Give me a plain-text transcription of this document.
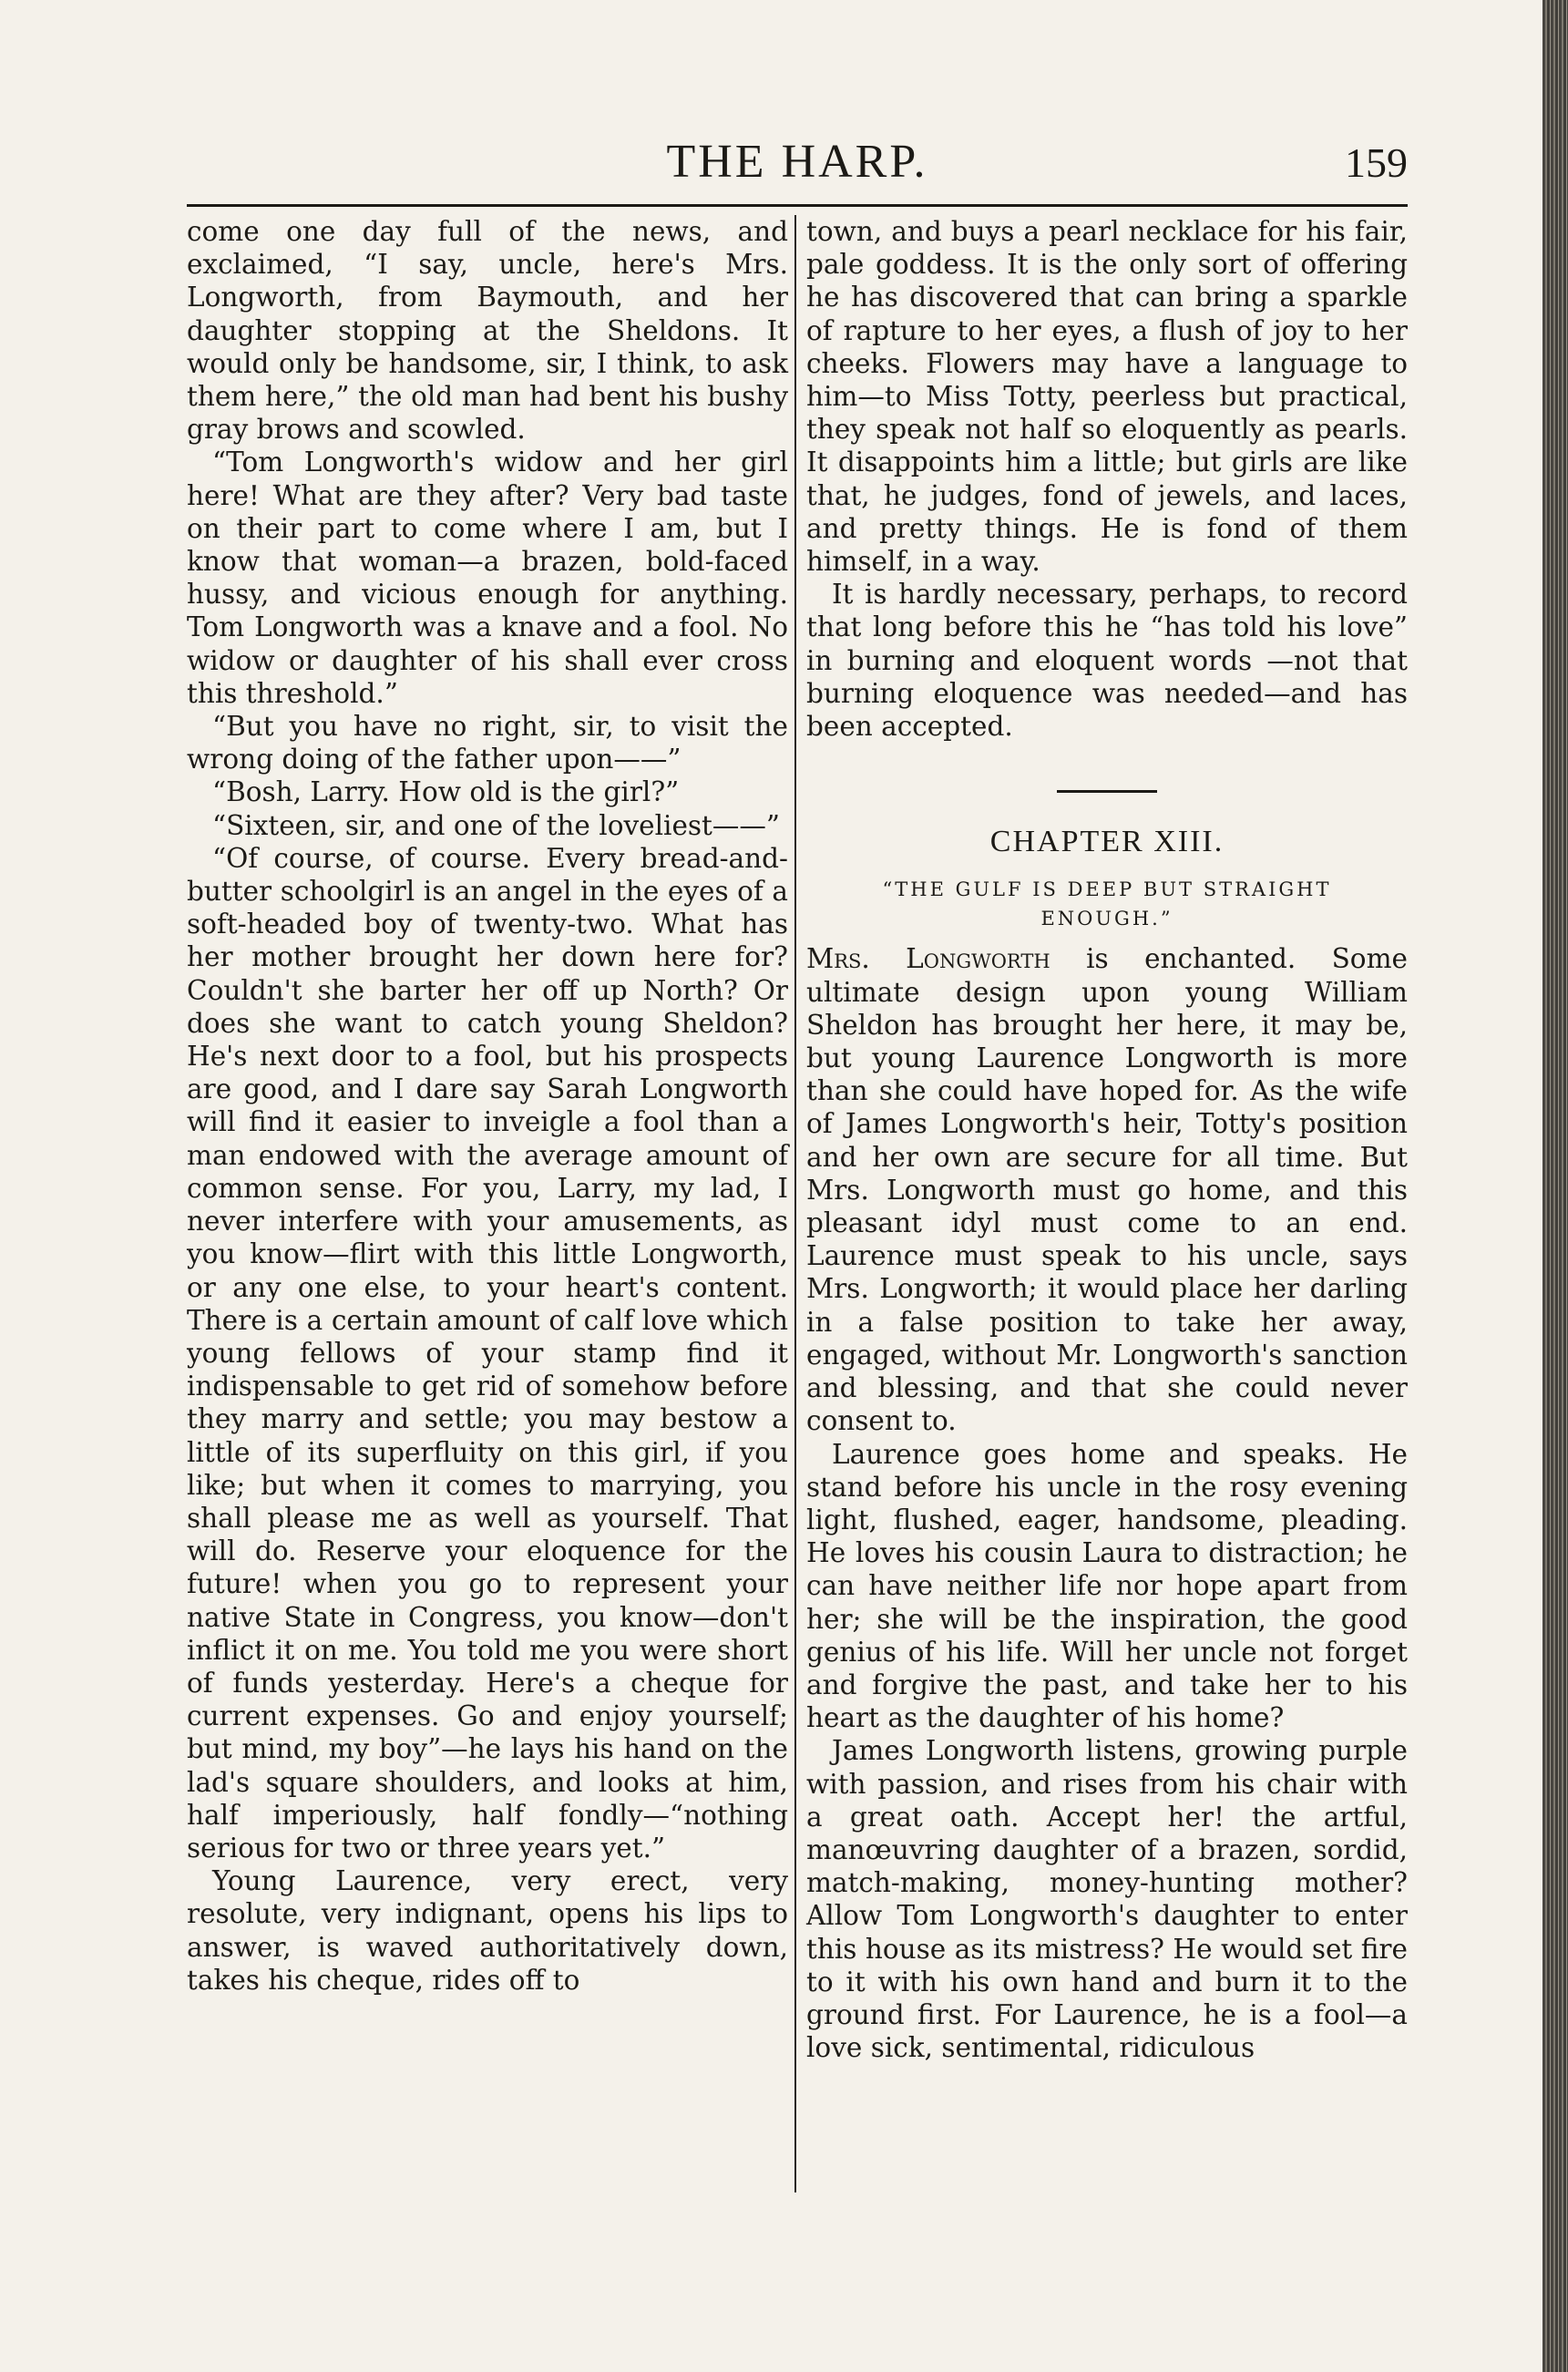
THE HARP.	159

come one day full of the news, and exclaimed, “I say, uncle, here's Mrs. Longworth, from Baymouth, and her daughter stopping at the Sheldons. It would only be handsome, sir, I think, to ask them here,” the old man had bent his bushy gray brows and scowled.

“Tom Longworth's widow and her girl here! What are they after? Very bad taste on their part to come where I am, but I know that woman—a brazen, bold-faced hussy, and vicious enough for anything. Tom Longworth was a knave and a fool. No widow or daughter of his shall ever cross this threshold.”

“But you have no right, sir, to visit the wrong doing of the father upon——”

“Bosh, Larry. How old is the girl?”

“Sixteen, sir, and one of the loveliest——”

“Of course, of course. Every bread-and-butter schoolgirl is an angel in the eyes of a soft-headed boy of twenty-two. What has her mother brought her down here for? Couldn't she barter her off up North? Or does she want to catch young Sheldon? He's next door to a fool, but his prospects are good, and I dare say Sarah Longworth will find it easier to inveigle a fool than a man endowed with the average amount of common sense. For you, Larry, my lad, I never interfere with your amusements, as you know—flirt with this little Longworth, or any one else, to your heart's content. There is a certain amount of calf love which young fellows of your stamp find it indispensable to get rid of somehow before they marry and settle; you may bestow a little of its superfluity on this girl, if you like; but when it comes to marrying, you shall please me as well as yourself. That will do. Reserve your eloquence for the future! when you go to represent your native State in Congress, you know—don't inflict it on me. You told me you were short of funds yesterday. Here's a cheque for current expenses. Go and enjoy yourself; but mind, my boy”—he lays his hand on the lad's square shoulders, and looks at him, half imperiously, half fondly—“nothing serious for two or three years yet.”

Young Laurence, very erect, very resolute, very indignant, opens his lips to answer, is waved authoritatively down, takes his cheque, rides off to

town, and buys a pearl necklace for his fair, pale goddess. It is the only sort of offering he has discovered that can bring a sparkle of rapture to her eyes, a flush of joy to her cheeks. Flowers may have a language to him—to Miss Totty, peerless but practical, they speak not half so eloquently as pearls. It disappoints him a little; but girls are like that, he judges, fond of jewels, and laces, and pretty things. He is fond of them himself, in a way.

It is hardly necessary, perhaps, to record that long before this he “has told his love” in burning and eloquent words —not that burning eloquence was needed—and has been accepted.

CHAPTER XIII.
“THE GULF IS DEEP BUT STRAIGHT ENOUGH.”

Mrs. Longworth is enchanted. Some ultimate design upon young William Sheldon has brought her here, it may be, but young Laurence Longworth is more than she could have hoped for. As the wife of James Longworth's heir, Totty's position and her own are secure for all time. But Mrs. Longworth must go home, and this pleasant idyl must come to an end. Laurence must speak to his uncle, says Mrs. Longworth; it would place her darling in a false position to take her away, engaged, without Mr. Longworth's sanction and blessing, and that she could never consent to.

Laurence goes home and speaks. He stand before his uncle in the rosy evening light, flushed, eager, handsome, pleading. He loves his cousin Laura to distraction; he can have neither life nor hope apart from her; she will be the inspiration, the good genius of his life. Will her uncle not forget and forgive the past, and take her to his heart as the daughter of his home?

James Longworth listens, growing purple with passion, and rises from his chair with a great oath. Accept her! the artful, manœuvring daughter of a brazen, sordid, match-making, money-hunting mother? Allow Tom Longworth's daughter to enter this house as its mistress? He would set fire to it with his own hand and burn it to the ground first. For Laurence, he is a fool—a love sick, sentimental, ridiculous
